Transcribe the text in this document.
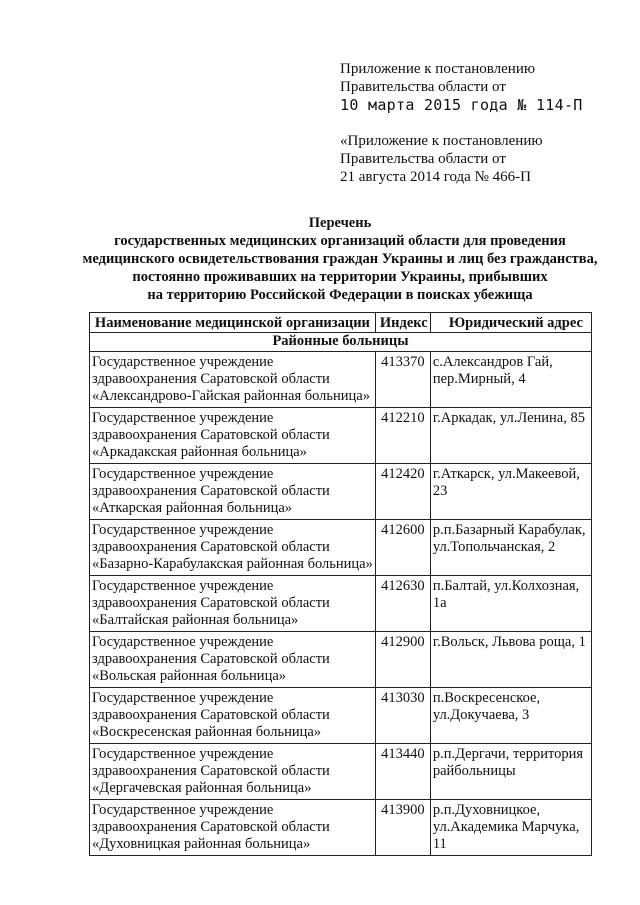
Приложение к постановлению
Правительства области от
10 марта 2015 года № 114-П
«Приложение к постановлению
Правительства области от
21 августа 2014 года № 466-П
Перечень
государственных медицинских организаций области для проведения
медицинского освидетельствования граждан Украины и лиц без гражданства,
постоянно проживавших на территории Украины, прибывших
на территорию Российской Федерации в поисках убежища
Наименование медицинской организации	Индекс	Юридический адрес
Районные больницы		

Государственное учреждение
здравоохранения Саратовской области
«Александрово-Гайская районная больница»	413370	с.Александров Гай, пер.Мирный, 4

Государственное учреждение
здравоохранения Саратовской области
«Аркадакская районная больница»	412210	г.Аркадак, ул.Ленина, 85

Государственное учреждение
здравоохранения Саратовской области
«Аткарская районная больница»	412420	г.Аткарск, ул.Макеевой, 23

Государственное учреждение
здравоохранения Саратовской области
«Базарно-Карабулакская районная больница»	412600	р.п.Базарный Карабулак, ул.Топольчанская, 2

Государственное учреждение
здравоохранения Саратовской области
«Балтайская районная больница»	412630	п.Балтай, ул.Колхозная, 1а

Государственное учреждение
здравоохранения Саратовской области
«Вольская районная больница»	412900	г.Вольск, Львова роща, 1

Государственное учреждение
здравоохранения Саратовской области
«Воскресенская районная больница»	413030	п.Воскресенское, ул.Докучаева, 3

Государственное учреждение
здравоохранения Саратовской области
«Дергачевская районная больница»	413440	р.п.Дергачи, территория райбольницы

Государственное учреждение
здравоохранения Саратовской области
«Духовницкая районная больница»	413900	р.п.Духовницкое, ул.Академика Марчука, 11
